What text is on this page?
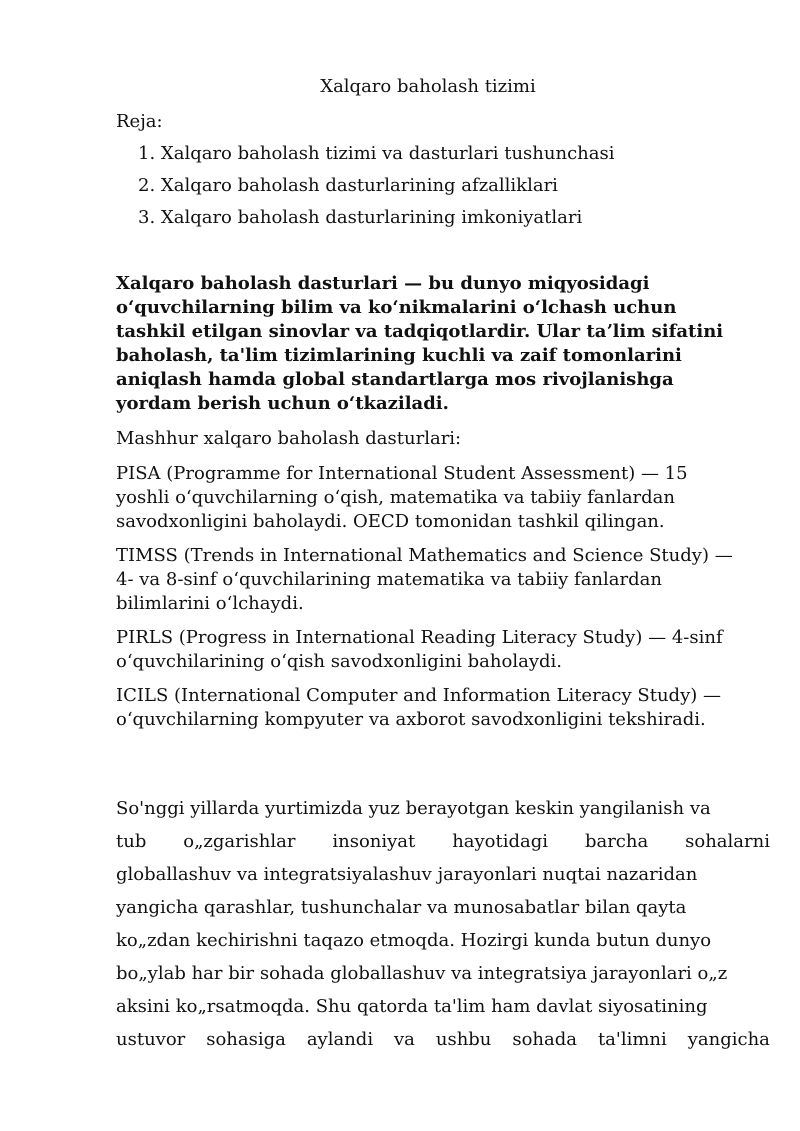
Xalqaro baholash tizimi
Reja:
1. Xalqaro baholash tizimi va dasturlari tushunchasi
2. Xalqaro baholash dasturlarining afzalliklari
3. Xalqaro baholash dasturlarining imkoniyatlari

Xalqaro baholash dasturlari — bu dunyo miqyosidagi oʻquvchilarning bilim va koʻnikmalarini oʻlchash uchun tashkil etilgan sinovlar va tadqiqotlardir. Ular taʼlim sifatini baholash, ta'lim tizimlarining kuchli va zaif tomonlarini aniqlash hamda global standartlarga mos rivojlanishga yordam berish uchun oʻtkaziladi.

Mashhur xalqaro baholash dasturlari:

PISA (Programme for International Student Assessment) — 15 yoshli oʻquvchilarning oʻqish, matematika va tabiiy fanlardan savodxonligini baholaydi. OECD tomonidan tashkil qilingan.

TIMSS (Trends in International Mathematics and Science Study) — 4- va 8-sinf oʻquvchilarining matematika va tabiiy fanlardan bilimlarini oʻlchaydi.

PIRLS (Progress in International Reading Literacy Study) — 4-sinf oʻquvchilarining oʻqish savodxonligini baholaydi.

ICILS (International Computer and Information Literacy Study) — oʻquvchilarning kompyuter va axborot savodxonligini tekshiradi.

So'nggi yillarda yurtimizda yuz berayotgan keskin yangilanish va
tub o„zgarishlar insoniyat hayotidagi barcha sohalarni
globallashuv va integratsiyalashuv jarayonlari nuqtai nazaridan
yangicha qarashlar, tushunchalar va munosabatlar bilan qayta
ko„zdan kechirishni taqazo etmoqda. Hozirgi kunda butun dunyo
bo„ylab har bir sohada globallashuv va integratsiya jarayonlari o„z
aksini ko„rsatmoqda. Shu qatorda ta'lim ham davlat siyosatining
ustuvor sohasiga aylandi va ushbu sohada ta'limni yangicha
